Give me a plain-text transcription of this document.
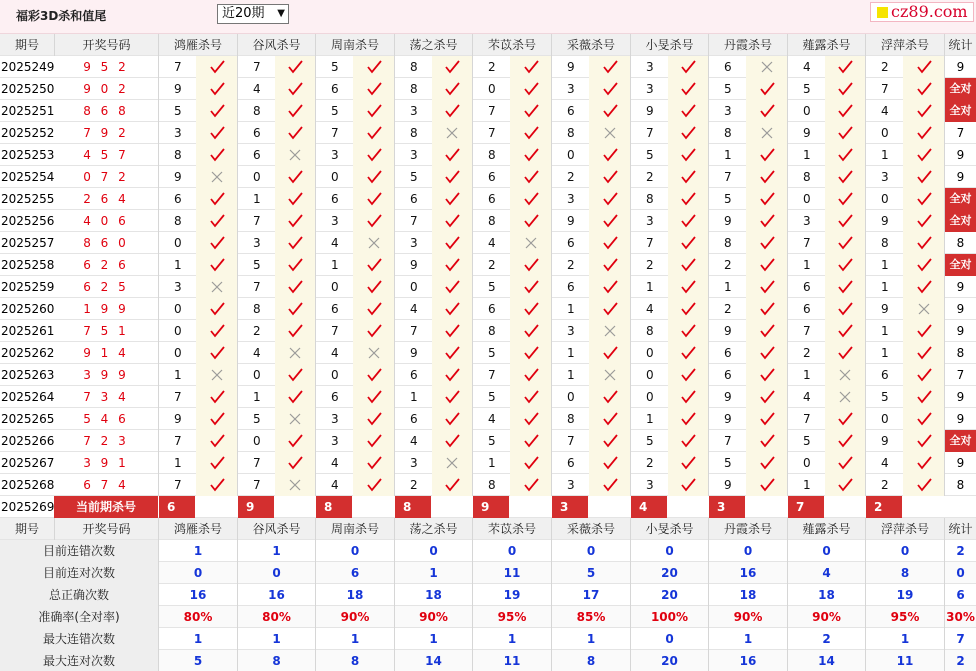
福彩3D杀和值尾	近20期 ▼	cz89.com
期号	开奖号码	鸿雁杀号	谷风杀号	周南杀号	荡之杀号	芣苡杀号	采薇杀号	小旻杀号	丹霞杀号	薤露杀号	浮萍杀号	统计
2025249	9 5 2	7	7	5	8	2	9	3	6	4	2	9
2025250	9 0 2	9	4	6	8	0	3	3	5	5	7	全对
2025251	8 6 8	5	8	5	3	7	6	9	3	0	4	全对
2025252	7 9 2	3	6	7	8	7	8	7	8	9	0	7
2025253	4 5 7	8	6	3	3	8	0	5	1	1	1	9
2025254	0 7 2	9	0	0	5	6	2	2	7	8	3	9
2025255	2 6 4	6	1	6	6	6	3	8	5	0	0	全对
2025256	4 0 6	8	7	3	7	8	9	3	9	3	9	全对
2025257	8 6 0	0	3	4	3	4	6	7	8	7	8	8
2025258	6 2 6	1	5	1	9	2	2	2	2	1	1	全对
2025259	6 2 5	3	7	0	0	5	6	1	1	6	1	9
2025260	1 9 9	0	8	6	4	6	1	4	2	6	9	9
2025261	7 5 1	0	2	7	7	8	3	8	9	7	1	9
2025262	9 1 4	0	4	4	9	5	1	0	6	2	1	8
2025263	3 9 9	1	0	0	6	7	1	0	6	1	6	7
2025264	7 3 4	7	1	6	1	5	0	0	9	4	5	9
2025265	5 4 6	9	5	3	6	4	8	1	9	7	0	9
2025266	7 2 3	7	0	3	4	5	7	5	7	5	9	全对
2025267	3 9 1	1	7	4	3	1	6	2	5	0	4	9
2025268	6 7 4	7	7	4	2	8	3	3	9	1	2	8
2025269	当前期杀号	6	9	8	8	9	3	4	3	7	2
期号	开奖号码	鸿雁杀号	谷风杀号	周南杀号	荡之杀号	芣苡杀号	采薇杀号	小旻杀号	丹霞杀号	薤露杀号	浮萍杀号	统计
目前连错次数	1	1	0	0	0	0	0	0	0	0	2
目前连对次数	0	0	6	1	11	5	20	16	4	8	0
总正确次数	16	16	18	18	19	17	20	18	18	19	6
准确率(全对率)	80%	80%	90%	90%	95%	85%	100%	90%	90%	95%	30%
最大连错次数	1	1	1	1	1	1	0	1	2	1	7
最大连对次数	5	8	8	14	11	8	20	16	14	11	2
